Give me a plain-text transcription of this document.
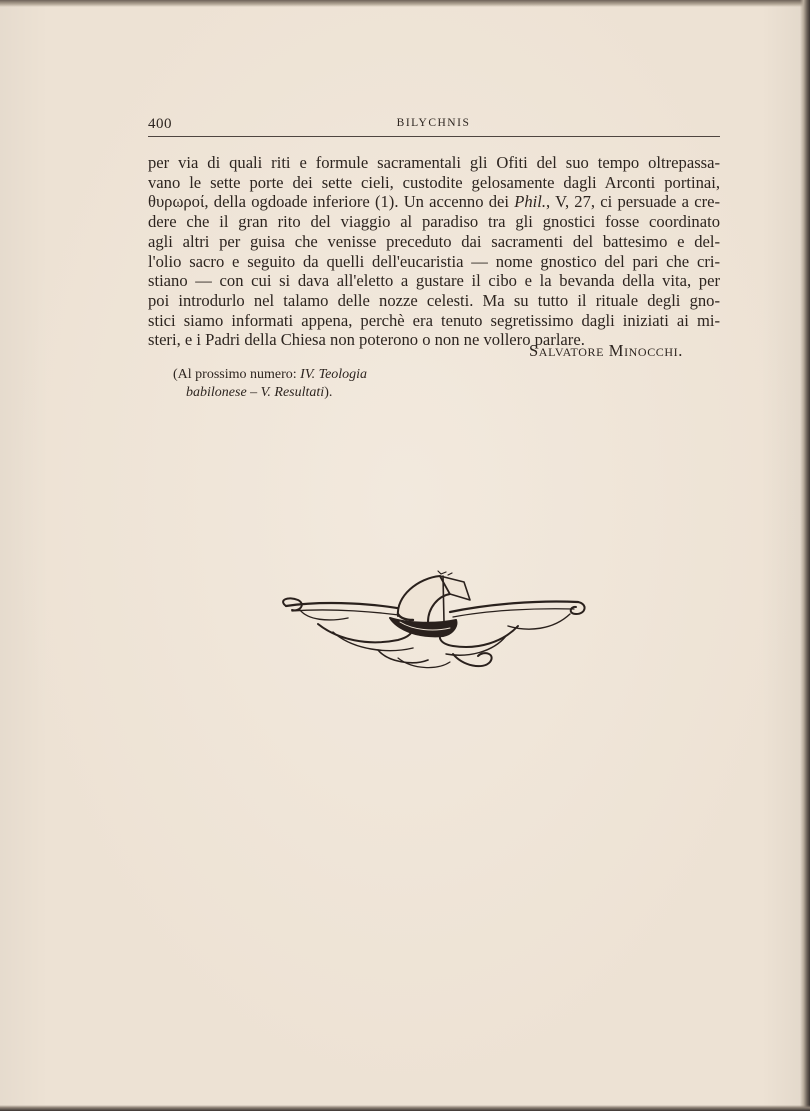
400	BILYCHNIS
per via di quali riti e formule sacramentali gli Ofiti del suo tempo oltrepassa-
vano le sette porte dei sette cieli, custodite gelosamente dagli Arconti portinai,
θυρωροί, della ogdoade inferiore (1). Un accenno dei Phil., V, 27, ci persuade a cre-
dere che il gran rito del viaggio al paradiso tra gli gnostici fosse coordinato
agli altri per guisa che venisse preceduto dai sacramenti del battesimo e del-
l'olio sacro e seguito da quelli dell'eucaristia — nome gnostico del pari che cri-
stiano — con cui si dava all'eletto a gustare il cibo e la bevanda della vita, per
poi introdurlo nel talamo delle nozze celesti. Ma su tutto il rituale degli gno-
stici siamo informati appena, perchè era tenuto segretissimo dagli iniziati ai mi-
steri, e i Padri della Chiesa non poterono o non ne vollero parlare.
Salvatore Minocchi.
(Al prossimo numero: IV. Teologia
babilonese – V. Resultati).
